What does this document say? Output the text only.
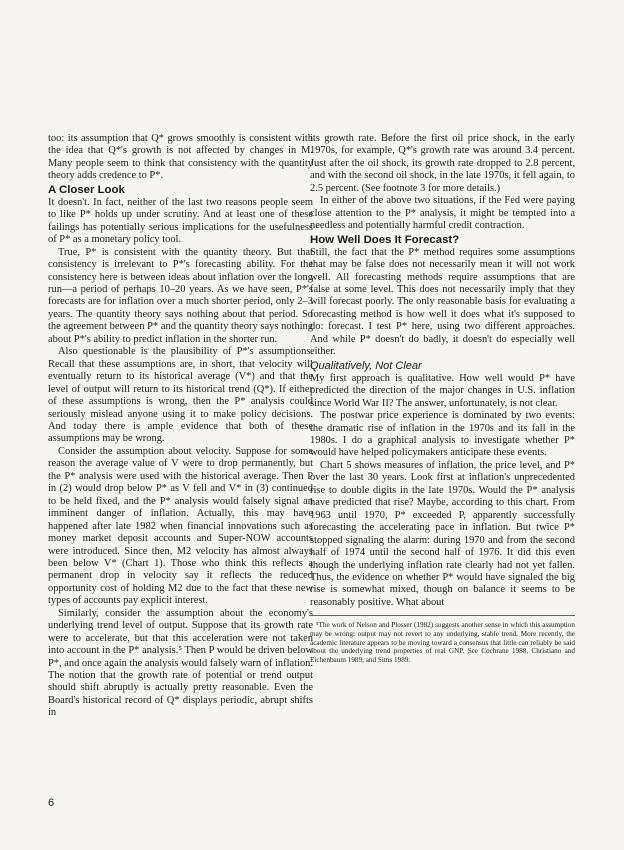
too: its assumption that Q* grows smoothly is consistent with the idea that Q*'s growth is not affected by changes in M. Many people seem to think that consistency with the quantity theory adds credence to P*.

A Closer Look

It doesn't. In fact, neither of the last two reasons people seem to like P* holds up under scrutiny. And at least one of these failings has potentially serious implications for the usefulness of P* as a monetary policy tool.

True, P* is consistent with the quantity theory. But that consistency is irrelevant to P*'s forecasting ability. For the consistency here is between ideas about inflation over the long run—a period of perhaps 10–20 years. As we have seen, P*'s forecasts are for inflation over a much shorter period, only 2–3 years. The quantity theory says nothing about that period. So the agreement between P* and the quantity theory says nothing about P*'s ability to predict inflation in the shorter run.

Also questionable is the plausibility of P*'s assumptions. Recall that these assumptions are, in short, that velocity will eventually return to its historical average (V*) and that the level of output will return to its historical trend (Q*). If either of these assumptions is wrong, then the P* analysis could seriously mislead anyone using it to make policy decisions. And today there is ample evidence that both of these assumptions may be wrong.

Consider the assumption about velocity. Suppose for some reason the average value of V were to drop permanently, but the P* analysis were used with the historical average. Then P in (2) would drop below P* as V fell and V* in (3) continued to be held fixed, and the P* analysis would falsely signal an imminent danger of inflation. Actually, this may have happened after late 1982 when financial innovations such as money market deposit accounts and Super-NOW accounts were introduced. Since then, M2 velocity has almost always been below V* (Chart 1). Those who think this reflects a permanent drop in velocity say it reflects the reduced opportunity cost of holding M2 due to the fact that these new types of accounts pay explicit interest.

Similarly, consider the assumption about the economy's underlying trend level of output. Suppose that its growth rate were to accelerate, but that this acceleration were not taken into account in the P* analysis.⁵ Then P would be driven below P*, and once again the analysis would falsely warn of inflation. The notion that the growth rate of potential or trend output should shift abruptly is actually pretty reasonable. Even the Board's historical record of Q* displays periodic, abrupt shifts in

its growth rate. Before the first oil price shock, in the early 1970s, for example, Q*'s growth rate was around 3.4 percent. Just after the oil shock, its growth rate dropped to 2.8 percent, and with the second oil shock, in the late 1970s, it fell again, to 2.5 percent. (See footnote 3 for more details.)

In either of the above two situations, if the Fed were paying close attention to the P* analysis, it might be tempted into a needless and potentially harmful credit contraction.

How Well Does It Forecast?

Still, the fact that the P* method requires some assumptions that may be false does not necessarily mean it will not work well. All forecasting methods require assumptions that are false at some level. This does not necessarily imply that they will forecast poorly. The only reasonable basis for evaluating a forecasting method is how well it does what it's supposed to do: forecast. I test P* here, using two different approaches. And while P* doesn't do badly, it doesn't do especially well either.

Qualitatively, Not Clear

My first approach is qualitative. How well would P* have predicted the direction of the major changes in U.S. inflation since World War II? The answer, unfortunately, is not clear.

The postwar price experience is dominated by two events: the dramatic rise of inflation in the 1970s and its fall in the 1980s. I do a graphical analysis to investigate whether P* would have helped policymakers anticipate these events.

Chart 5 shows measures of inflation, the price level, and P* over the last 30 years. Look first at inflation's unprecedented rise to double digits in the late 1970s. Would the P* analysis have predicted that rise? Maybe, according to this chart. From 1963 until 1970, P* exceeded P, apparently successfully forecasting the accelerating pace in inflation. But twice P* stopped signaling the alarm: during 1970 and from the second half of 1974 until the second half of 1976. It did this even though the underlying inflation rate clearly had not yet fallen. Thus, the evidence on whether P* would have signaled the big rise is somewhat mixed, though on balance it seems to be reasonably positive. What about

⁵The work of Nelson and Plosser (1982) suggests another sense in which this assumption may be wrong: output may not revert to any underlying, stable trend. More recently, the academic literature appears to be moving toward a consensus that little can reliably be said about the underlying trend properties of real GNP. See Cochrane 1988, Christiano and Eichenbaum 1989, and Sims 1989.

6
